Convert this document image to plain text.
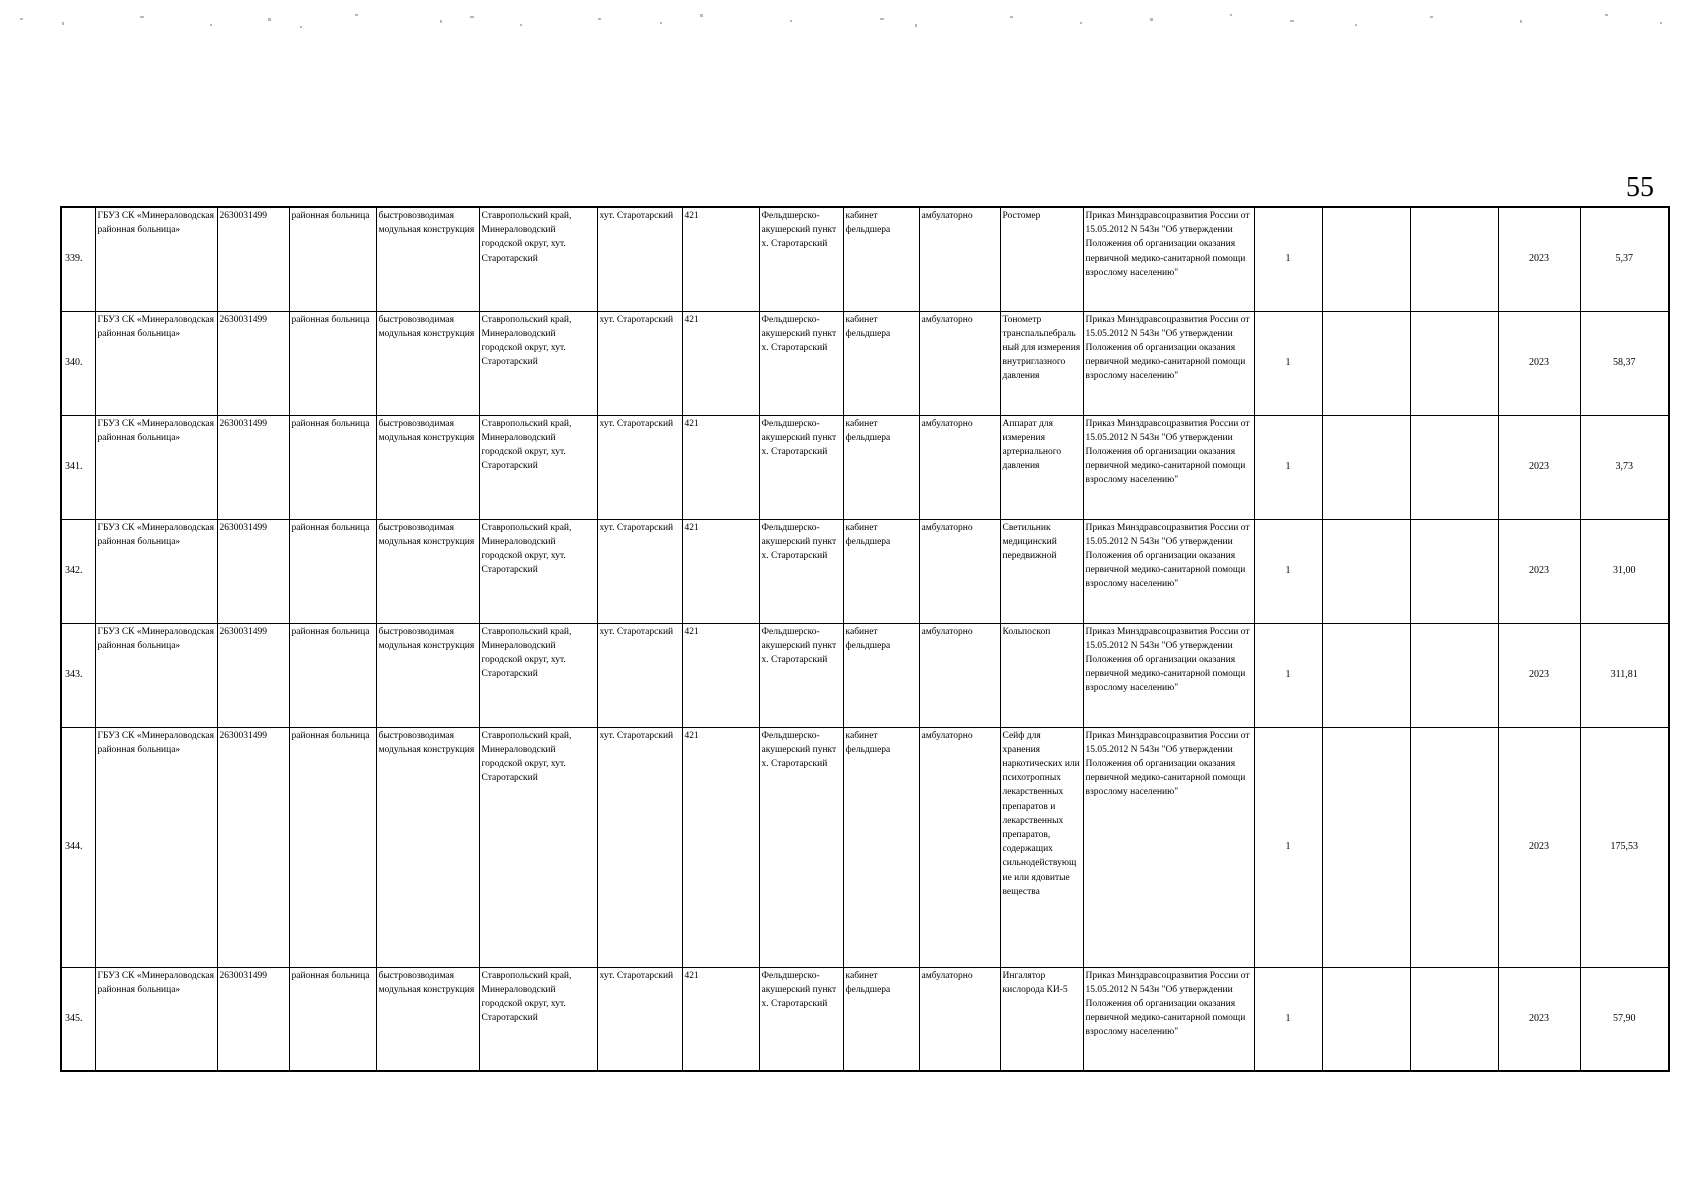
55
339.	ГБУЗ СК «Минераловодская районная больница»	2630031499	районная больница	быстровозводимая модульная конструкция	Ставропольский край, Минераловодский городской округ, хут. Старотарский	хут. Старотарский	421	Фельдшерско-акушерский пункт х. Старотарский	кабинет фельдшера	амбулаторно	Ростомер	Приказ Минздравсоцразвития России от 15.05.2012 N 543н "Об утверждении Положения об организации оказания первичной медико-санитарной помощи взрослому населению"	1			2023	5,37
340.	ГБУЗ СК «Минераловодская районная больница»	2630031499	районная больница	быстровозводимая модульная конструкция	Ставропольский край, Минераловодский городской округ, хут. Старотарский	хут. Старотарский	421	Фельдшерско-акушерский пункт х. Старотарский	кабинет фельдшера	амбулаторно	Тонометр транспальпебральный для измерения внутриглазного давления	Приказ Минздравсоцразвития России от 15.05.2012 N 543н "Об утверждении Положения об организации оказания первичной медико-санитарной помощи взрослому населению"	1			2023	58,37
341.	ГБУЗ СК «Минераловодская районная больница»	2630031499	районная больница	быстровозводимая модульная конструкция	Ставропольский край, Минераловодский городской округ, хут. Старотарский	хут. Старотарский	421	Фельдшерско-акушерский пункт х. Старотарский	кабинет фельдшера	амбулаторно	Аппарат для измерения артериального давления	Приказ Минздравсоцразвития России от 15.05.2012 N 543н "Об утверждении Положения об организации оказания первичной медико-санитарной помощи взрослому населению"	1			2023	3,73
342.	ГБУЗ СК «Минераловодская районная больница»	2630031499	районная больница	быстровозводимая модульная конструкция	Ставропольский край, Минераловодский городской округ, хут. Старотарский	хут. Старотарский	421	Фельдшерско-акушерский пункт х. Старотарский	кабинет фельдшера	амбулаторно	Светильник медицинский передвижной	Приказ Минздравсоцразвития России от 15.05.2012 N 543н "Об утверждении Положения об организации оказания первичной медико-санитарной помощи взрослому населению"	1			2023	31,00
343.	ГБУЗ СК «Минераловодская районная больница»	2630031499	районная больница	быстровозводимая модульная конструкция	Ставропольский край, Минераловодский городской округ, хут. Старотарский	хут. Старотарский	421	Фельдшерско-акушерский пункт х. Старотарский	кабинет фельдшера	амбулаторно	Кольпоскоп	Приказ Минздравсоцразвития России от 15.05.2012 N 543н "Об утверждении Положения об организации оказания первичной медико-санитарной помощи взрослому населению"	1			2023	311,81
344.	ГБУЗ СК «Минераловодская районная больница»	2630031499	районная больница	быстровозводимая модульная конструкция	Ставропольский край, Минераловодский городской округ, хут. Старотарский	хут. Старотарский	421	Фельдшерско-акушерский пункт х. Старотарский	кабинет фельдшера	амбулаторно	Сейф для хранения наркотических или психотропных лекарственных препаратов и лекарственных препаратов, содержащих сильнодействующие или ядовитые вещества	Приказ Минздравсоцразвития России от 15.05.2012 N 543н "Об утверждении Положения об организации оказания первичной медико-санитарной помощи взрослому населению"	1			2023	175,53
345.	ГБУЗ СК «Минераловодская районная больница»	2630031499	районная больница	быстровозводимая модульная конструкция	Ставропольский край, Минераловодский городской округ, хут. Старотарский	хут. Старотарский	421	Фельдшерско-акушерский пункт х. Старотарский	кабинет фельдшера	амбулаторно	Ингалятор кислорода КИ-5	Приказ Минздравсоцразвития России от 15.05.2012 N 543н "Об утверждении Положения об организации оказания первичной медико-санитарной помощи взрослому населению"	1			2023	57,90
